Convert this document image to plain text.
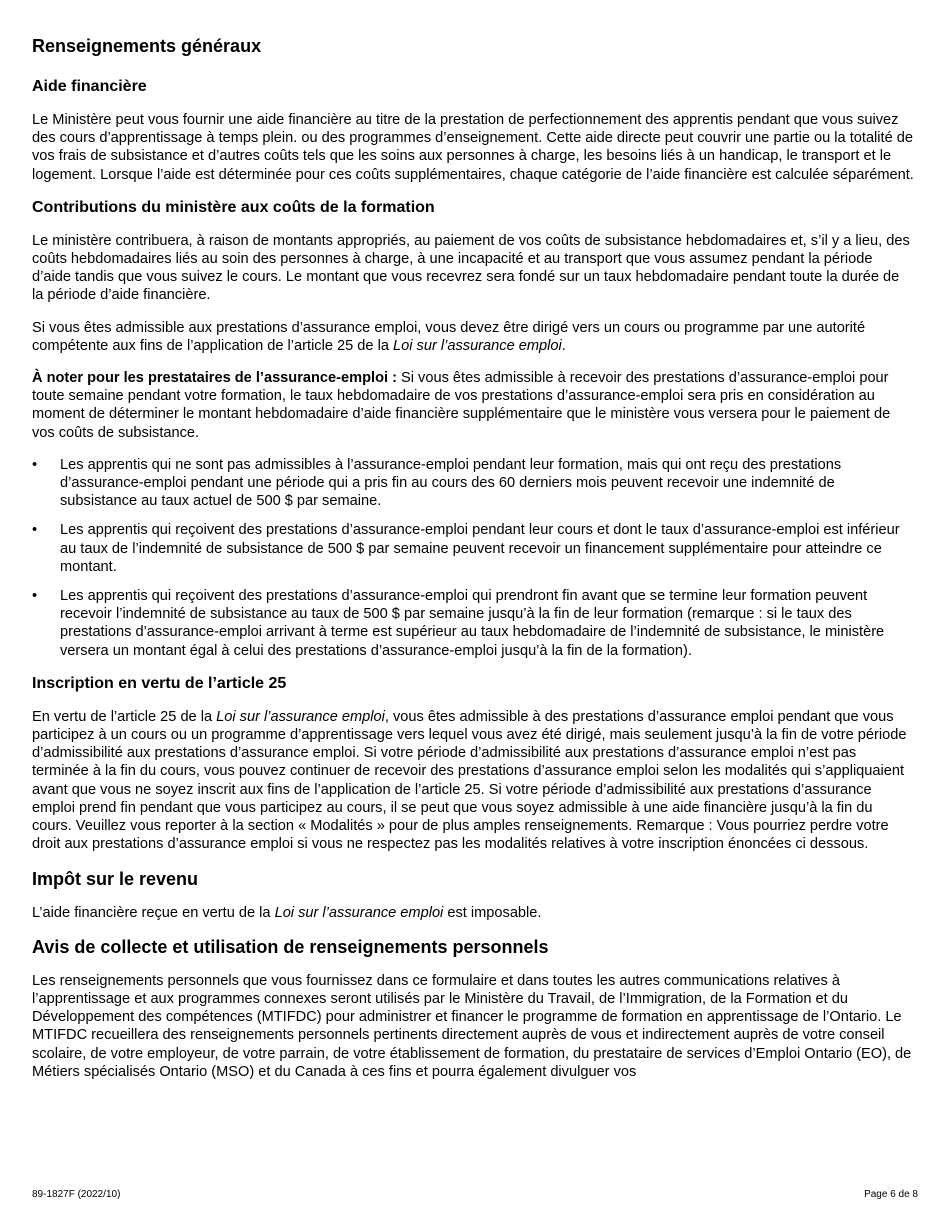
Renseignements généraux
Aide financière

Le Ministère peut vous fournir une aide financière au titre de la prestation de perfectionnement des apprentis pendant que vous suivez des cours d’apprentissage à temps plein. ou des programmes d’enseignement. Cette aide directe peut couvrir une partie ou la totalité de vos frais de subsistance et d’autres coûts tels que les soins aux personnes à charge, les besoins liés à un handicap, le transport et le logement. Lorsque l’aide est déterminée pour ces coûts supplémentaires, chaque catégorie de l’aide financière est calculée séparément.

Contributions du ministère aux coûts de la formation

Le ministère contribuera, à raison de montants appropriés, au paiement de vos coûts de subsistance hebdomadaires et, s’il y a lieu, des coûts hebdomadaires liés au soin des personnes à charge, à une incapacité et au transport que vous assumez pendant la période d’aide tandis que vous suivez le cours. Le montant que vous recevrez sera fondé sur un taux hebdomadaire pendant toute la durée de la période d’aide financière.

Si vous êtes admissible aux prestations d’assurance emploi, vous devez être dirigé vers un cours ou programme par une autorité compétente aux fins de l’application de l’article 25 de la Loi sur l’assurance emploi.

À noter pour les prestataires de l’assurance-emploi : Si vous êtes admissible à recevoir des prestations d’assurance-emploi pour toute semaine pendant votre formation, le taux hebdomadaire de vos prestations d’assurance-emploi sera pris en considération au moment de déterminer le montant hebdomadaire d’aide financière supplémentaire que le ministère vous versera pour le paiement de vos coûts de subsistance.

• Les apprentis qui ne sont pas admissibles à l’assurance-emploi pendant leur formation, mais qui ont reçu des prestations d’assurance-emploi pendant une période qui a pris fin au cours des 60 derniers mois peuvent recevoir une indemnité de subsistance au taux actuel de 500 $ par semaine.
• Les apprentis qui reçoivent des prestations d’assurance-emploi pendant leur cours et dont le taux d’assurance-emploi est inférieur au taux de l’indemnité de subsistance de 500 $ par semaine peuvent recevoir un financement supplémentaire pour atteindre ce montant.
• Les apprentis qui reçoivent des prestations d’assurance-emploi qui prendront fin avant que se termine leur formation peuvent recevoir l’indemnité de subsistance au taux de 500 $ par semaine jusqu’à la fin de leur formation (remarque : si le taux des prestations d’assurance-emploi arrivant à terme est supérieur au taux hebdomadaire de l’indemnité de subsistance, le ministère versera un montant égal à celui des prestations d’assurance-emploi jusqu’à la fin de la formation).
Inscription en vertu de l’article 25

En vertu de l’article 25 de la Loi sur l’assurance emploi, vous êtes admissible à des prestations d’assurance emploi pendant que vous participez à un cours ou un programme d’apprentissage vers lequel vous avez été dirigé, mais seulement jusqu’à la fin de votre période d’admissibilité aux prestations d’assurance emploi. Si votre période d’admissibilité aux prestations d’assurance emploi n’est pas terminée à la fin du cours, vous pouvez continuer de recevoir des prestations d’assurance emploi selon les modalités qui s’appliquaient avant que vous ne soyez inscrit aux fins de l’application de l’article 25. Si votre période d’admissibilité aux prestations d’assurance emploi prend fin pendant que vous participez au cours, il se peut que vous soyez admissible à une aide financière jusqu’à la fin du cours. Veuillez vous reporter à la section « Modalités » pour de plus amples renseignements. Remarque : Vous pourriez perdre votre droit aux prestations d’assurance emploi si vous ne respectez pas les modalités relatives à votre inscription énoncées ci dessous.

Impôt sur le revenu

L’aide financière reçue en vertu de la Loi sur l’assurance emploi est imposable.

Avis de collecte et utilisation de renseignements personnels

Les renseignements personnels que vous fournissez dans ce formulaire et dans toutes les autres communications relatives à l’apprentissage et aux programmes connexes seront utilisés par le Ministère du Travail, de l’Immigration, de la Formation et du Développement des compétences (MTIFDC) pour administrer et financer le programme de formation en apprentissage de l’Ontario. Le MTIFDC recueillera des renseignements personnels pertinents directement auprès de vous et indirectement auprès de votre conseil scolaire, de votre employeur, de votre parrain, de votre établissement de formation, du prestataire de services d’Emploi Ontario (EO), de Métiers spécialisés Ontario (MSO) et du Canada à ces fins et pourra également divulguer vos

89-1827F (2022/10)	Page 6 de 8
